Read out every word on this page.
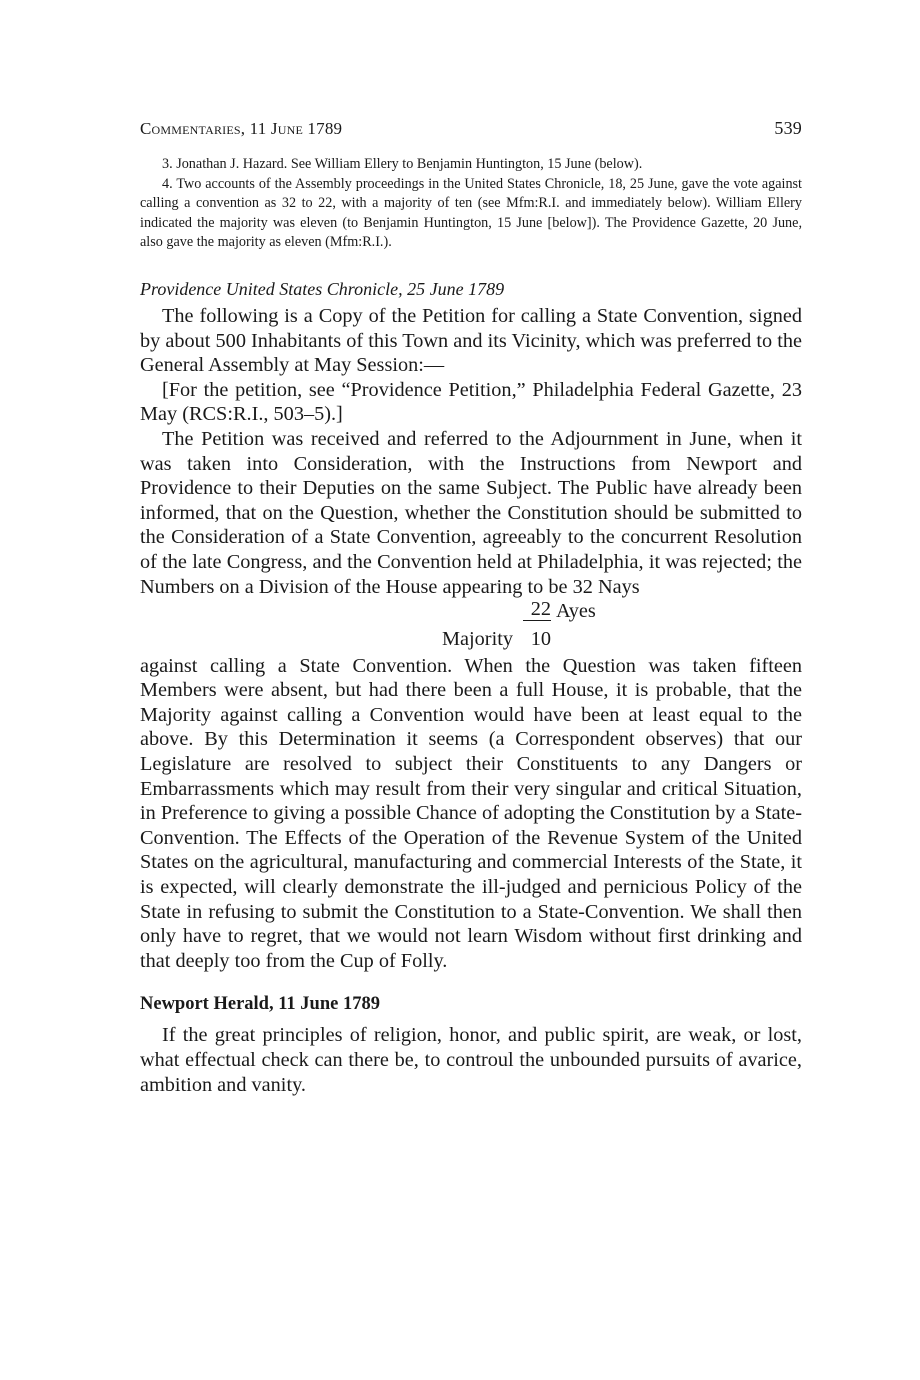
Commentaries, 11 June 1789	539

3. Jonathan J. Hazard. See William Ellery to Benjamin Huntington, 15 June (below).

4. Two accounts of the Assembly proceedings in the United States Chronicle, 18, 25 June, gave the vote against calling a convention as 32 to 22, with a majority of ten (see Mfm:R.I. and immediately below). William Ellery indicated the majority was eleven (to Benjamin Huntington, 15 June [below]). The Providence Gazette, 20 June, also gave the majority as eleven (Mfm:R.I.).

Providence United States Chronicle, 25 June 1789

The following is a Copy of the Petition for calling a State Convention, signed by about 500 Inhabitants of this Town and its Vicinity, which was preferred to the General Assembly at May Session:—

[For the petition, see “Providence Petition,” Philadelphia Federal Gazette, 23 May (RCS:R.I., 503–5).]

The Petition was received and referred to the Adjournment in June, when it was taken into Consideration, with the Instructions from Newport and Providence to their Deputies on the same Subject. The Public have already been informed, that on the Question, whether the Constitution should be submitted to the Consideration of a State Convention, agreeably to the concurrent Resolution of the late Congress, and the Convention held at Philadelphia, it was rejected; the Numbers on a Division of the House appearing to be 32 Nays

22 Ayes
Majority 10

against calling a State Convention. When the Question was taken fifteen Members were absent, but had there been a full House, it is probable, that the Majority against calling a Convention would have been at least equal to the above. By this Determination it seems (a Correspondent observes) that our Legislature are resolved to subject their Constituents to any Dangers or Embarrassments which may result from their very singular and critical Situation, in Preference to giving a possible Chance of adopting the Constitution by a State-Convention. The Effects of the Operation of the Revenue System of the United States on the agricultural, manufacturing and commercial Interests of the State, it is expected, will clearly demonstrate the ill-judged and pernicious Policy of the State in refusing to submit the Constitution to a State-Convention. We shall then only have to regret, that we would not learn Wisdom without first drinking and that deeply too from the Cup of Folly.

Newport Herald, 11 June 1789

If the great principles of religion, honor, and public spirit, are weak, or lost, what effectual check can there be, to controul the unbounded pursuits of avarice, ambition and vanity.
